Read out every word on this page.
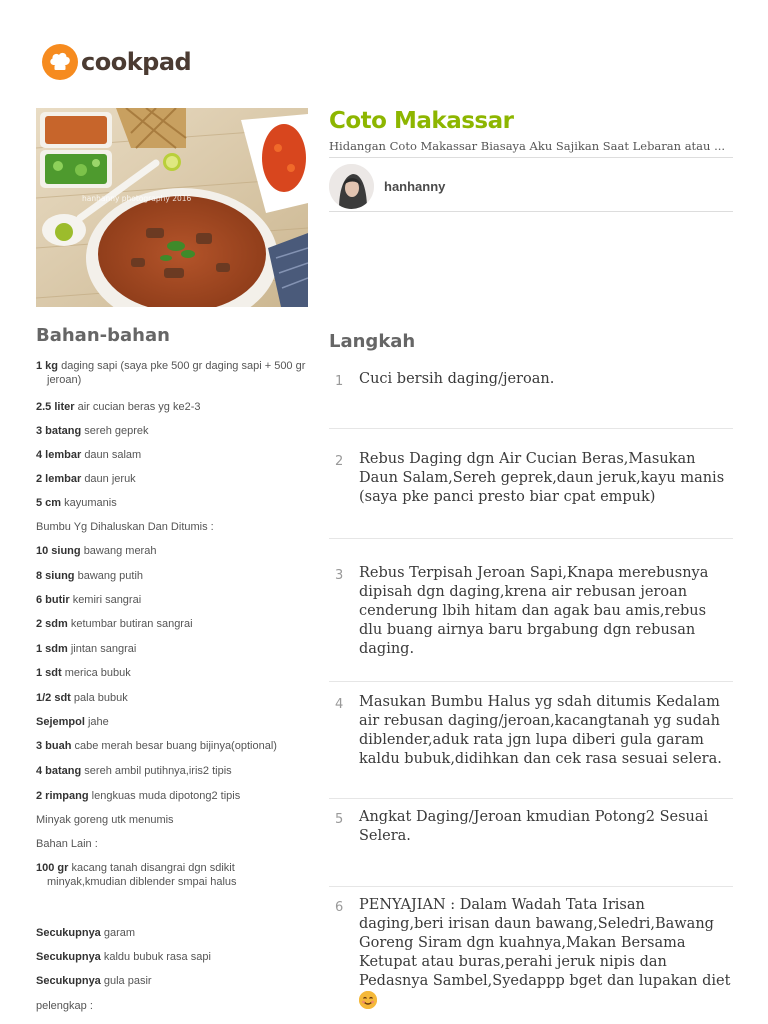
cookpad
hanhanny photography 2016
Coto Makassar
Hidangan Coto Makassar Biasaya Aku Sajikan Saat Lebaran atau ...
hanhanny
Bahan-bahan
1 kg daging sapi (saya pke 500 gr daging sapi + 500 gr
jeroan)
2.5 liter air cucian beras yg ke2-3
3 batang sereh geprek
4 lembar daun salam
2 lembar daun jeruk
5 cm kayumanis
Bumbu Yg Dihaluskan Dan Ditumis :
10 siung bawang merah
8 siung bawang putih
6 butir kemiri sangrai
2 sdm ketumbar butiran sangrai
1 sdm jintan sangrai
1 sdt merica bubuk
1/2 sdt pala bubuk
Sejempol jahe
3 buah cabe merah besar buang bijinya(optional)
4 batang sereh ambil putihnya,iris2 tipis
2 rimpang lengkuas muda dipotong2 tipis
Minyak goreng utk menumis
Bahan Lain :
100 gr kacang tanah disangrai dgn sdikit
minyak,kmudian diblender smpai halus
Secukupnya garam
Secukupnya kaldu bubuk rasa sapi
Secukupnya gula pasir
pelengkap :
Langkah
1 Cuci bersih daging/jeroan.
2 Rebus Daging dgn Air Cucian Beras,Masukan Daun Salam,Sereh geprek,daun jeruk,kayu manis (saya pke panci presto biar cpat empuk)
3 Rebus Terpisah Jeroan Sapi,Knapa merebusnya dipisah dgn daging,krena air rebusan jeroan cenderung lbih hitam dan agak bau amis,rebus dlu buang airnya baru brgabung dgn rebusan daging.
4 Masukan Bumbu Halus yg sdah ditumis Kedalam air rebusan daging/jeroan,kacangtanah yg sudah diblender,aduk rata jgn lupa diberi gula garam kaldu bubuk,didihkan dan cek rasa sesuai selera.
5 Angkat Daging/Jeroan kmudian Potong2 Sesuai Selera.
6 PENYAJIAN : Dalam Wadah Tata Irisan daging,beri irisan daun bawang,Seledri,Bawang Goreng Siram dgn kuahnya,Makan Bersama Ketupat atau buras,perahi jeruk nipis dan Pedasnya Sambel,Syedappp bget dan lupakan diet
